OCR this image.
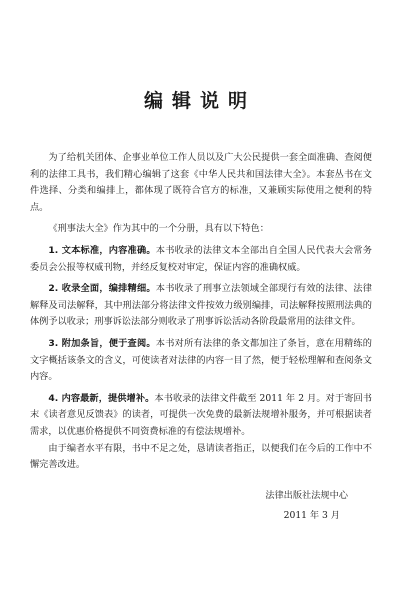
编辑说明

为了给机关团体、企事业单位工作人员以及广大公民提供一套全面准确、查阅便利的法律工具书，我们精心编辑了这套《中华人民共和国法律大全》。本套丛书在文件选择、分类和编排上，都体现了既符合官方的标准，又兼顾实际使用之便利的特点。

《刑事法大全》作为其中的一个分册，具有以下特色：

1. 文本标准，内容准确。本书收录的法律文本全部出自全国人民代表大会常务委员会公报等权威刊物，并经反复校对审定，保证内容的准确权威。

2. 收录全面，编排精细。本书收录了刑事立法领域全部现行有效的法律、法律解释及司法解释，其中刑法部分将法律文件按效力级别编排，司法解释按照刑法典的体例予以收录；刑事诉讼法部分则收录了刑事诉讼活动各阶段最常用的法律文件。

3. 附加条旨，便于查阅。本书对所有法律的条文都加注了条旨，意在用精练的文字概括该条文的含义，可使读者对法律的内容一目了然，便于轻松理解和查阅条文内容。

4. 内容最新，提供增补。本书收录的法律文件截至 2011 年 2 月。对于寄回书末《读者意见反馈表》的读者，可提供一次免费的最新法规增补服务，并可根据读者需求，以优惠价格提供不同资费标准的有偿法规增补。

由于编者水平有限，书中不足之处，恳请读者指正，以便我们在今后的工作中不懈完善改进。

法律出版社法规中心
2011 年 3 月
